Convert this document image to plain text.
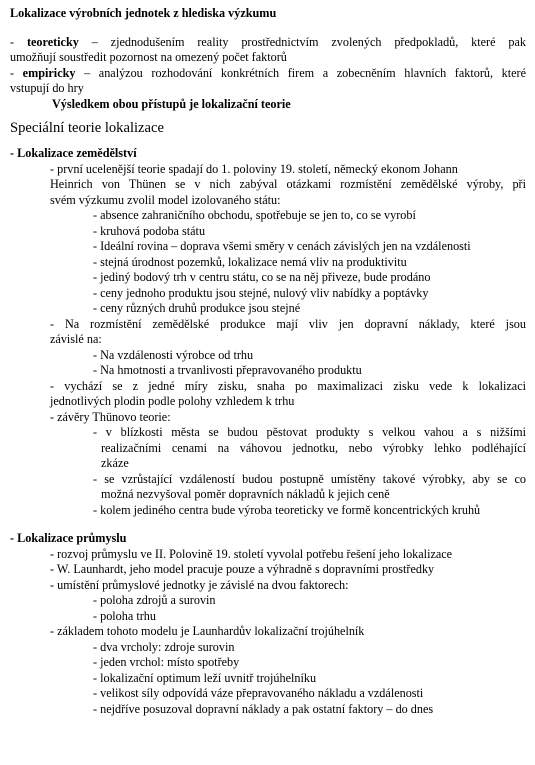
Lokalizace výrobních jednotek z hlediska výzkumu
- teoreticky – zjednodušením reality prostřednictvím zvolených předpokladů, které pak
umožňují soustředit pozornost na omezený počet faktorů
- empiricky – analýzou rozhodování konkrétních firem a zobecněním hlavních faktorů, které
vstupují do hry
Výsledkem obou přístupů je lokalizační teorie
Speciální teorie lokalizace
- Lokalizace zemědělství
- první ucelenější teorie spadají do 1. poloviny 19. století, německý ekonom Johann
Heinrich von Thünen se v nich zabýval otázkami rozmístění zemědělské výroby, při
svém výzkumu zvolil model izolovaného státu:
- absence zahraničního obchodu, spotřebuje se jen to, co se vyrobí
- kruhová podoba státu
- Ideální rovina – doprava všemi směry v cenách závislých jen na vzdálenosti
- stejná úrodnost pozemků, lokalizace nemá vliv na produktivitu
- jediný bodový trh v centru státu, co se na něj přiveze, bude prodáno
- ceny jednoho produktu jsou stejné, nulový vliv nabídky a poptávky
- ceny různých druhů produkce jsou stejné
- Na rozmístění zemědělské produkce mají vliv jen dopravní náklady, které jsou
závislé na:
- Na vzdálenosti výrobce od trhu
- Na hmotnosti a trvanlivosti přepravovaného produktu
- vychází se z jedné míry zisku, snaha po maximalizaci zisku vede k lokalizaci
jednotlivých plodin podle polohy vzhledem k trhu
- závěry Thünovo teorie:
- v blízkosti města se budou pěstovat produkty s velkou vahou a s nižšími
realizačními cenami na váhovou jednotku, nebo výrobky lehko podléhající
zkáze
- se vzrůstající vzdáleností budou postupně umístěny takové výrobky, aby se co
možná nezvyšoval poměr dopravních nákladů k jejich ceně
- kolem jediného centra bude výroba teoreticky ve formě koncentrických kruhů
- Lokalizace průmyslu
- rozvoj průmyslu ve II. Polovině 19. století vyvolal potřebu řešení jeho lokalizace
- W. Launhardt, jeho model pracuje pouze a výhradně s dopravními prostředky
- umístění průmyslové jednotky je závislé na dvou faktorech:
- poloha zdrojů a surovin
- poloha trhu
- základem tohoto modelu je Launhardův lokalizační trojúhelník
- dva vrcholy: zdroje surovin
- jeden vrchol: místo spotřeby
- lokalizační optimum leží uvnitř trojúhelníku
- velikost síly odpovídá váze přepravovaného nákladu a vzdálenosti
- nejdříve posuzoval dopravní náklady a pak ostatní faktory – do dnes
